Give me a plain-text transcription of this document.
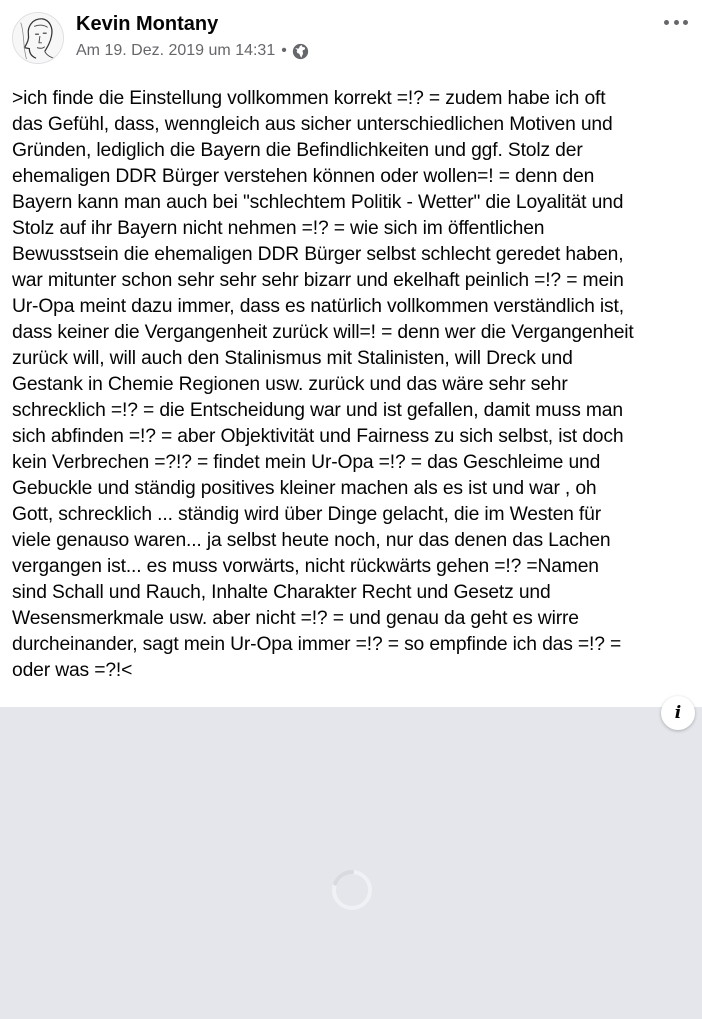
Kevin Montany
Am 19. Dez. 2019 um 14:31 •
>ich finde die Einstellung vollkommen korrekt =!? = zudem habe ich oft
das Gefühl, dass, wenngleich aus sicher unterschiedlichen Motiven und
Gründen, lediglich die Bayern die Befindlichkeiten und ggf. Stolz der
ehemaligen DDR Bürger verstehen können oder wollen=! = denn den
Bayern kann man auch bei "schlechtem Politik - Wetter" die Loyalität und
Stolz auf ihr Bayern nicht nehmen =!? = wie sich im öffentlichen
Bewusstsein die ehemaligen DDR Bürger selbst schlecht geredet haben,
war mitunter schon sehr sehr sehr bizarr und ekelhaft peinlich =!? = mein
Ur-Opa meint dazu immer, dass es natürlich vollkommen verständlich ist,
dass keiner die Vergangenheit zurück will=! = denn wer die Vergangenheit
zurück will, will auch den Stalinismus mit Stalinisten, will Dreck und
Gestank in Chemie Regionen usw. zurück und das wäre sehr sehr
schrecklich =!? = die Entscheidung war und ist gefallen, damit muss man
sich abfinden =!? = aber Objektivität und Fairness zu sich selbst, ist doch
kein Verbrechen =?!? = findet mein Ur-Opa =!? = das Geschleime und
Gebuckle und ständig positives kleiner machen als es ist und war , oh
Gott, schrecklich ... ständig wird über Dinge gelacht, die im Westen für
viele genauso waren... ja selbst heute noch, nur das denen das Lachen
vergangen ist... es muss vorwärts, nicht rückwärts gehen =!? =Namen
sind Schall und Rauch, Inhalte Charakter Recht und Gesetz und
Wesensmerkmale usw. aber nicht =!? = und genau da geht es wirre
durcheinander, sagt mein Ur-Opa immer =!? = so empfinde ich das =!? =
oder was =?!<
i
